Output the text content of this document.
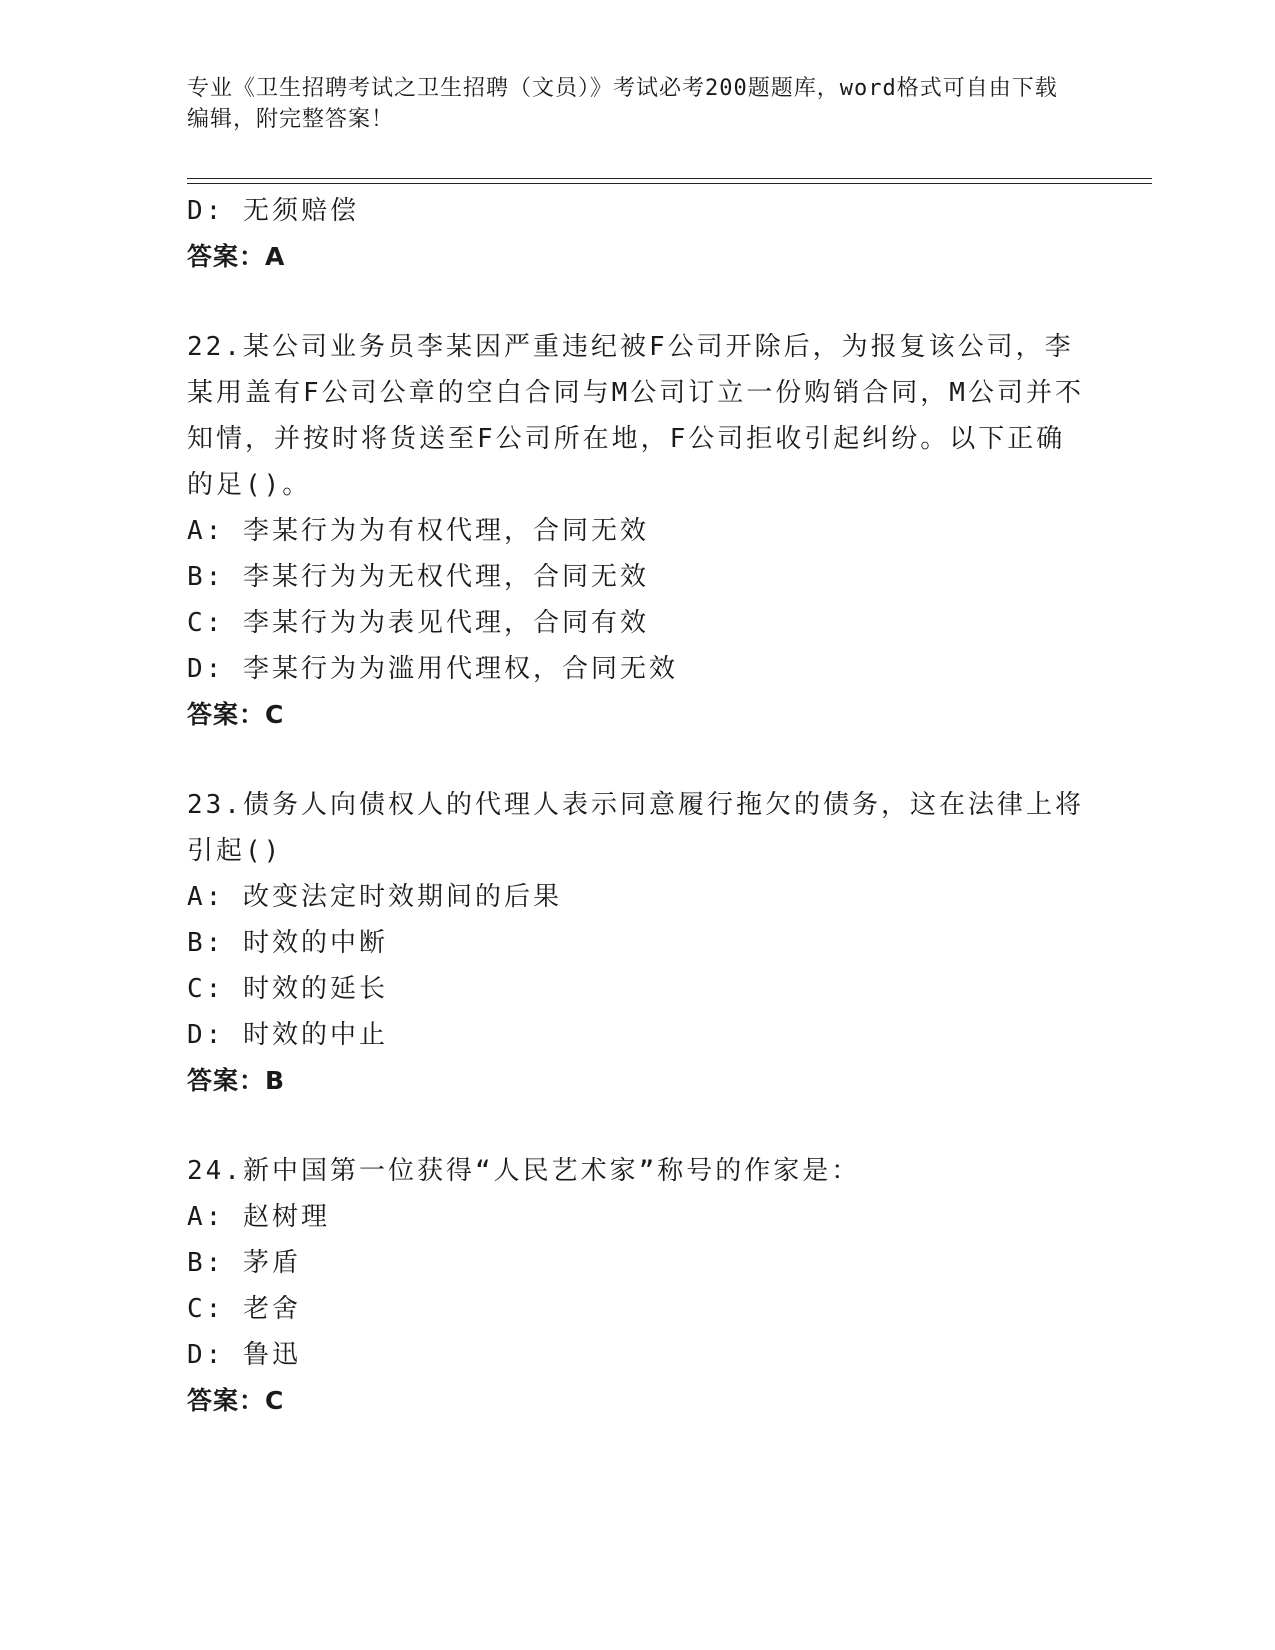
专业《卫生招聘考试之卫生招聘（文员）》考试必考200题题库，word格式可自由下载编辑，附完整答案！
D: 无须赔偿
答案：A
22.某公司业务员李某因严重违纪被F公司开除后，为报复该公司，李某用盖有F公司公章的空白合同与M公司订立一份购销合同，M公司并不知情，并按时将货送至F公司所在地，F公司拒收引起纠纷。以下正确的足()。
A: 李某行为为有权代理，合同无效
B: 李某行为为无权代理，合同无效
C: 李某行为为表见代理，合同有效
D: 李某行为为滥用代理权，合同无效
答案：C
23.债务人向债权人的代理人表示同意履行拖欠的债务，这在法律上将引起()
A: 改变法定时效期间的后果
B: 时效的中断
C: 时效的延长
D: 时效的中止
答案：B
24.新中国第一位获得“人民艺术家”称号的作家是：
A: 赵树理
B: 茅盾
C: 老舍
D: 鲁迅
答案：C
